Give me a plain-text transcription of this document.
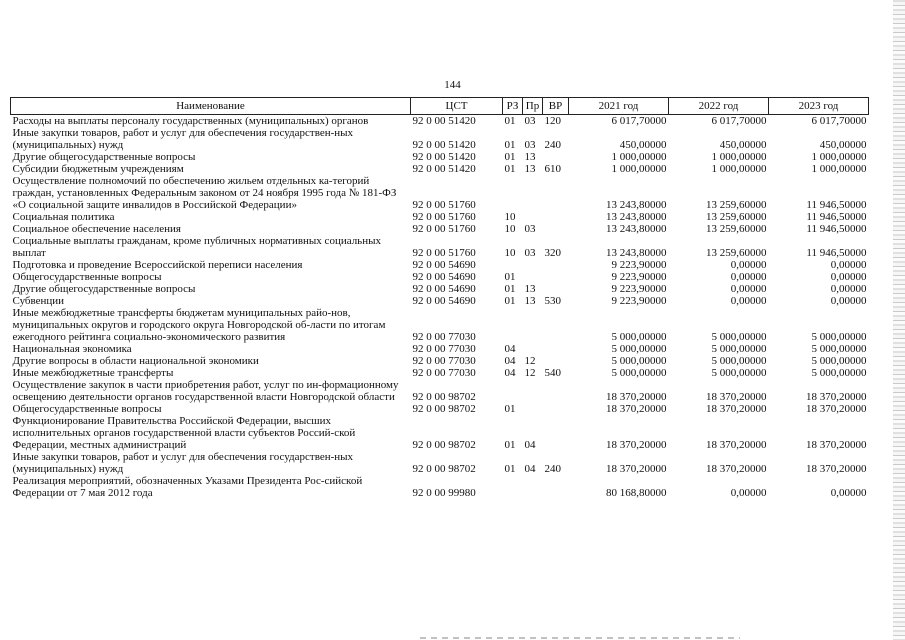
144
Наименование	ЦСТ	РЗ	Пр	ВР	2021 год	2022 год	2023 год
Расходы на выплаты персоналу государственных (муниципальных) органов	92 0 00 51420	01	03	120	6 017,70000	6 017,70000	6 017,70000
Иные закупки товаров, работ и услуг для обеспечения государствен-ных (муниципальных) нужд	92 0 00 51420	01	03	240	450,00000	450,00000	450,00000
Другие общегосударственные вопросы	92 0 00 51420	01	13		1 000,00000	1 000,00000	1 000,00000
Субсидии бюджетным учреждениям	92 0 00 51420	01	13	610	1 000,00000	1 000,00000	1 000,00000
Осуществление полномочий по обеспечению жильем отдельных ка-тегорий граждан, установленных Федеральным законом от 24 ноября 1995 года № 181-ФЗ «О социальной защите инвалидов в Российской Федерации»	92 0 00 51760				13 243,80000	13 259,60000	11 946,50000
Социальная политика	92 0 00 51760	10			13 243,80000	13 259,60000	11 946,50000
Социальное обеспечение населения	92 0 00 51760	10	03		13 243,80000	13 259,60000	11 946,50000
Социальные выплаты гражданам, кроме публичных нормативных социальных выплат	92 0 00 51760	10	03	320	13 243,80000	13 259,60000	11 946,50000
Подготовка и проведение Всероссийской переписи населения	92 0 00 54690				9 223,90000	0,00000	0,00000
Общегосударственные вопросы	92 0 00 54690	01			9 223,90000	0,00000	0,00000
Другие общегосударственные вопросы	92 0 00 54690	01	13		9 223,90000	0,00000	0,00000
Субвенции	92 0 00 54690	01	13	530	9 223,90000	0,00000	0,00000
Иные межбюджетные трансферты бюджетам муниципальных райо-нов, муниципальных округов и городского округа Новгородской об-ласти по итогам ежегодного рейтинга социально-экономического развития	92 0 00 77030				5 000,00000	5 000,00000	5 000,00000
Национальная экономика	92 0 00 77030	04			5 000,00000	5 000,00000	5 000,00000
Другие вопросы в области национальной экономики	92 0 00 77030	04	12		5 000,00000	5 000,00000	5 000,00000
Иные межбюджетные трансферты	92 0 00 77030	04	12	540	5 000,00000	5 000,00000	5 000,00000
Осуществление закупок в части приобретения работ, услуг по ин-формационному освещению деятельности органов государственной власти Новгородской области	92 0 00 98702				18 370,20000	18 370,20000	18 370,20000
Общегосударственные вопросы	92 0 00 98702	01			18 370,20000	18 370,20000	18 370,20000
Функционирование Правительства Российской Федерации, высших исполнительных органов государственной власти субъектов Россий-ской Федерации, местных администраций	92 0 00 98702	01	04		18 370,20000	18 370,20000	18 370,20000
Иные закупки товаров, работ и услуг для обеспечения государствен-ных (муниципальных) нужд	92 0 00 98702	01	04	240	18 370,20000	18 370,20000	18 370,20000
Реализация мероприятий, обозначенных Указами Президента Рос-сийской Федерации от 7 мая 2012 года	92 0 00 99980				80 168,80000	0,00000	0,00000
